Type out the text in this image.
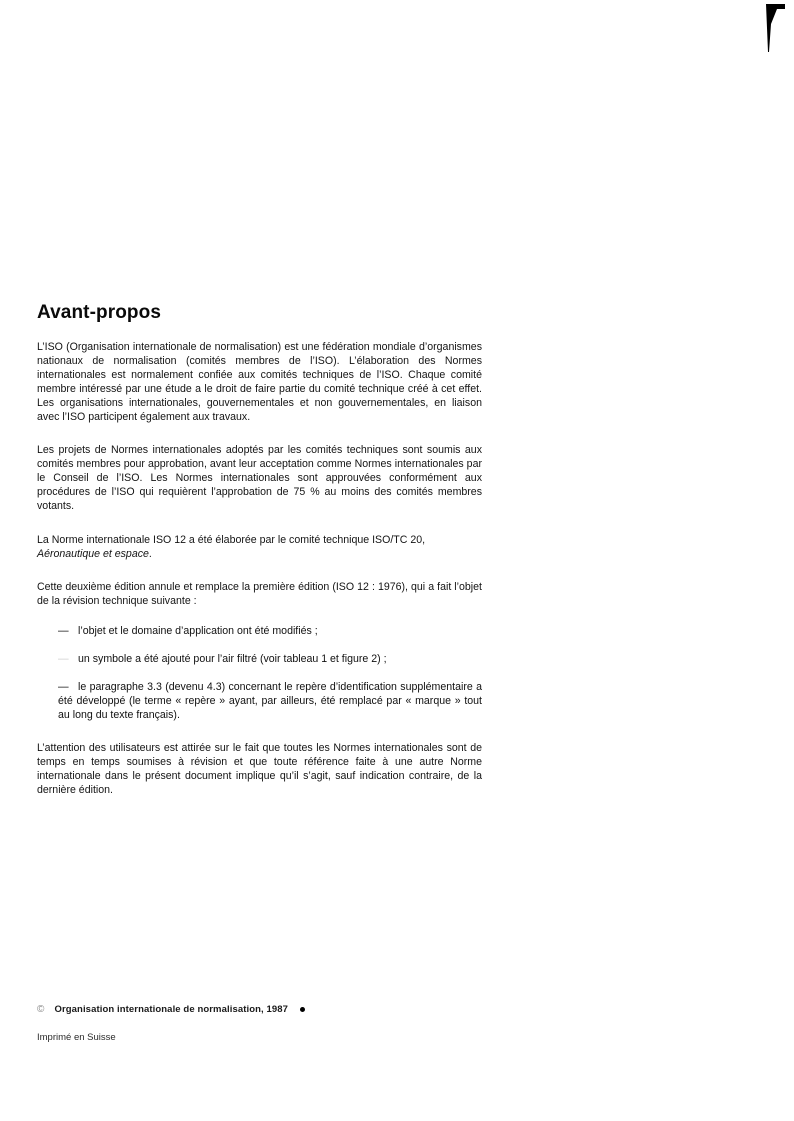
Avant-propos

L’ISO (Organisation internationale de normalisation) est une fédération mondiale d’organismes nationaux de normalisation (comités membres de l’ISO). L’élaboration des Normes internationales est normalement confiée aux comités techniques de l’ISO. Chaque comité membre intéressé par une étude a le droit de faire partie du comité technique créé à cet effet. Les organisations internationales, gouvernementales et non gouvernementales, en liaison avec l’ISO participent également aux travaux.

Les projets de Normes internationales adoptés par les comités techniques sont soumis aux comités membres pour approbation, avant leur acceptation comme Normes internationales par le Conseil de l’ISO. Les Normes internationales sont approuvées conformément aux procédures de l’ISO qui requièrent l’approbation de 75 % au moins des comités membres votants.

La Norme internationale ISO 12 a été élaborée par le comité technique ISO/TC 20,
Aéronautique et espace.

Cette deuxième édition annule et remplace la première édition (ISO 12 : 1976), qui a fait l’objet de la révision technique suivante :

— l’objet et le domaine d’application ont été modifiés ;
— un symbole a été ajouté pour l’air filtré (voir tableau 1 et figure 2) ;
— le paragraphe 3.3 (devenu 4.3) concernant le repère d’identification supplémentaire a été développé (le terme « repère » ayant, par ailleurs, été remplacé par « marque » tout au long du texte français).

L’attention des utilisateurs est attirée sur le fait que toutes les Normes internationales sont de temps en temps soumises à révision et que toute référence faite à une autre Norme internationale dans le présent document implique qu’il s’agit, sauf indication contraire, de la dernière édition.

© Organisation internationale de normalisation, 1987
Imprimé en Suisse
